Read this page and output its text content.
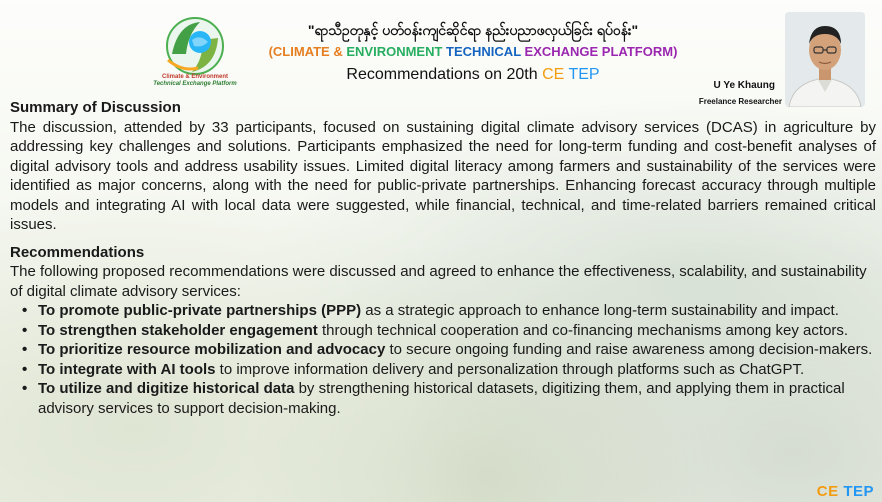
Climate & Environment
Technical Exchange Platform
"ရာသီဥတုနှင့် ပတ်ဝန်းကျင်ဆိုင်ရာ နည်းပညာဖလှယ်ခြင်း ရပ်ဝန်း"
(CLIMATE & ENVIRONMENT TECHNICAL EXCHANGE PLATFORM)
Recommendations on 20th CE TEP
U Ye Khaung
Freelance Researcher
Summary of Discussion
The discussion, attended by 33 participants, focused on sustaining digital climate advisory services (DCAS) in agriculture by addressing key challenges and solutions. Participants emphasized the need for long-term funding and cost-benefit analyses of digital advisory tools and address usability issues. Limited digital literacy among farmers and sustainability of the services were identified as major concerns, along with the need for public-private partnerships. Enhancing forecast accuracy through multiple models and integrating AI with local data were suggested, while financial, technical, and time-related barriers remained critical issues.
Recommendations
The following proposed recommendations were discussed and agreed to enhance the effectiveness, scalability, and sustainability of digital climate advisory services:
• To promote public-private partnerships (PPP) as a strategic approach to enhance long-term sustainability and impact.
• To strengthen stakeholder engagement through technical cooperation and co-financing mechanisms among key actors.
• To prioritize resource mobilization and advocacy to secure ongoing funding and raise awareness among decision-makers.
• To integrate with AI tools to improve information delivery and personalization through platforms such as ChatGPT.
• To utilize and digitize historical data by strengthening historical datasets, digitizing them, and applying them in practical advisory services to support decision-making.
CE TEP
